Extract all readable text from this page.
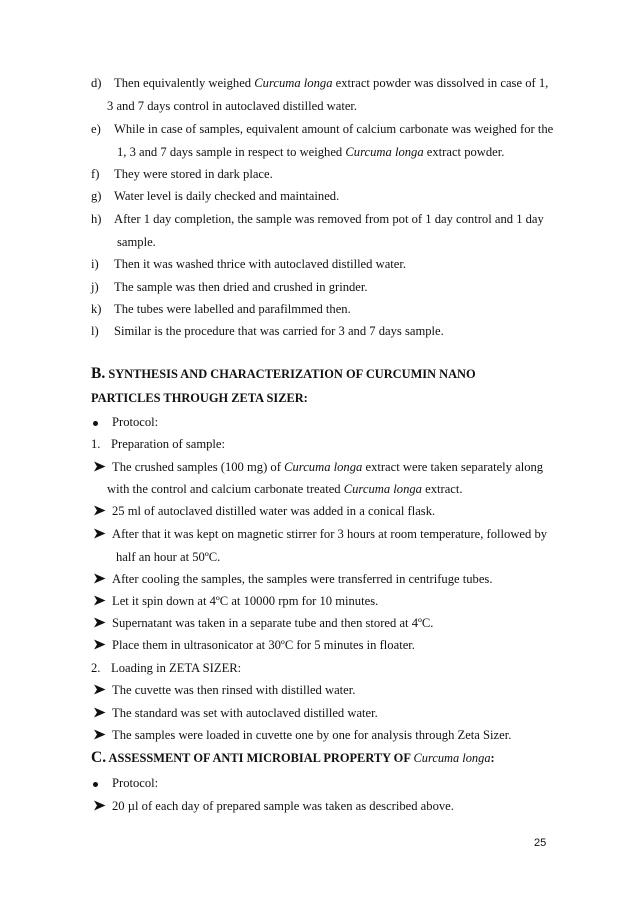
d) Then equivalently weighed Curcuma longa extract powder was dissolved in case of 1,
3 and 7 days control in autoclaved distilled water.
e) While in case of samples, equivalent amount of calcium carbonate was weighed for the
1, 3 and 7 days sample in respect to weighed Curcuma longa extract powder.
f) They were stored in dark place.
g) Water level is daily checked and maintained.
h) After 1 day completion, the sample was removed from pot of 1 day control and 1 day
sample.
i) Then it was washed thrice with autoclaved distilled water.
j) The sample was then dried and crushed in grinder.
k) The tubes were labelled and parafilmmed then.
l) Similar is the procedure that was carried for 3 and 7 days sample.
B. SYNTHESIS AND CHARACTERIZATION OF CURCUMIN NANO
PARTICLES THROUGH ZETA SIZER:
Protocol:
1. Preparation of sample:
The crushed samples (100 mg) of Curcuma longa extract were taken separately along
with the control and calcium carbonate treated Curcuma longa extract.
25 ml of autoclaved distilled water was added in a conical flask.
After that it was kept on magnetic stirrer for 3 hours at room temperature, followed by
half an hour at 50ºC.
After cooling the samples, the samples were transferred in centrifuge tubes.
Let it spin down at 4ºC at 10000 rpm for 10 minutes.
Supernatant was taken in a separate tube and then stored at 4ºC.
Place them in ultrasonicator at 30ºC for 5 minutes in floater.
2. Loading in ZETA SIZER:
The cuvette was then rinsed with distilled water.
The standard was set with autoclaved distilled water.
The samples were loaded in cuvette one by one for analysis through Zeta Sizer.
C. ASSESSMENT OF ANTI MICROBIAL PROPERTY OF Curcuma longa:
Protocol:
20 µl of each day of prepared sample was taken as described above.
25
